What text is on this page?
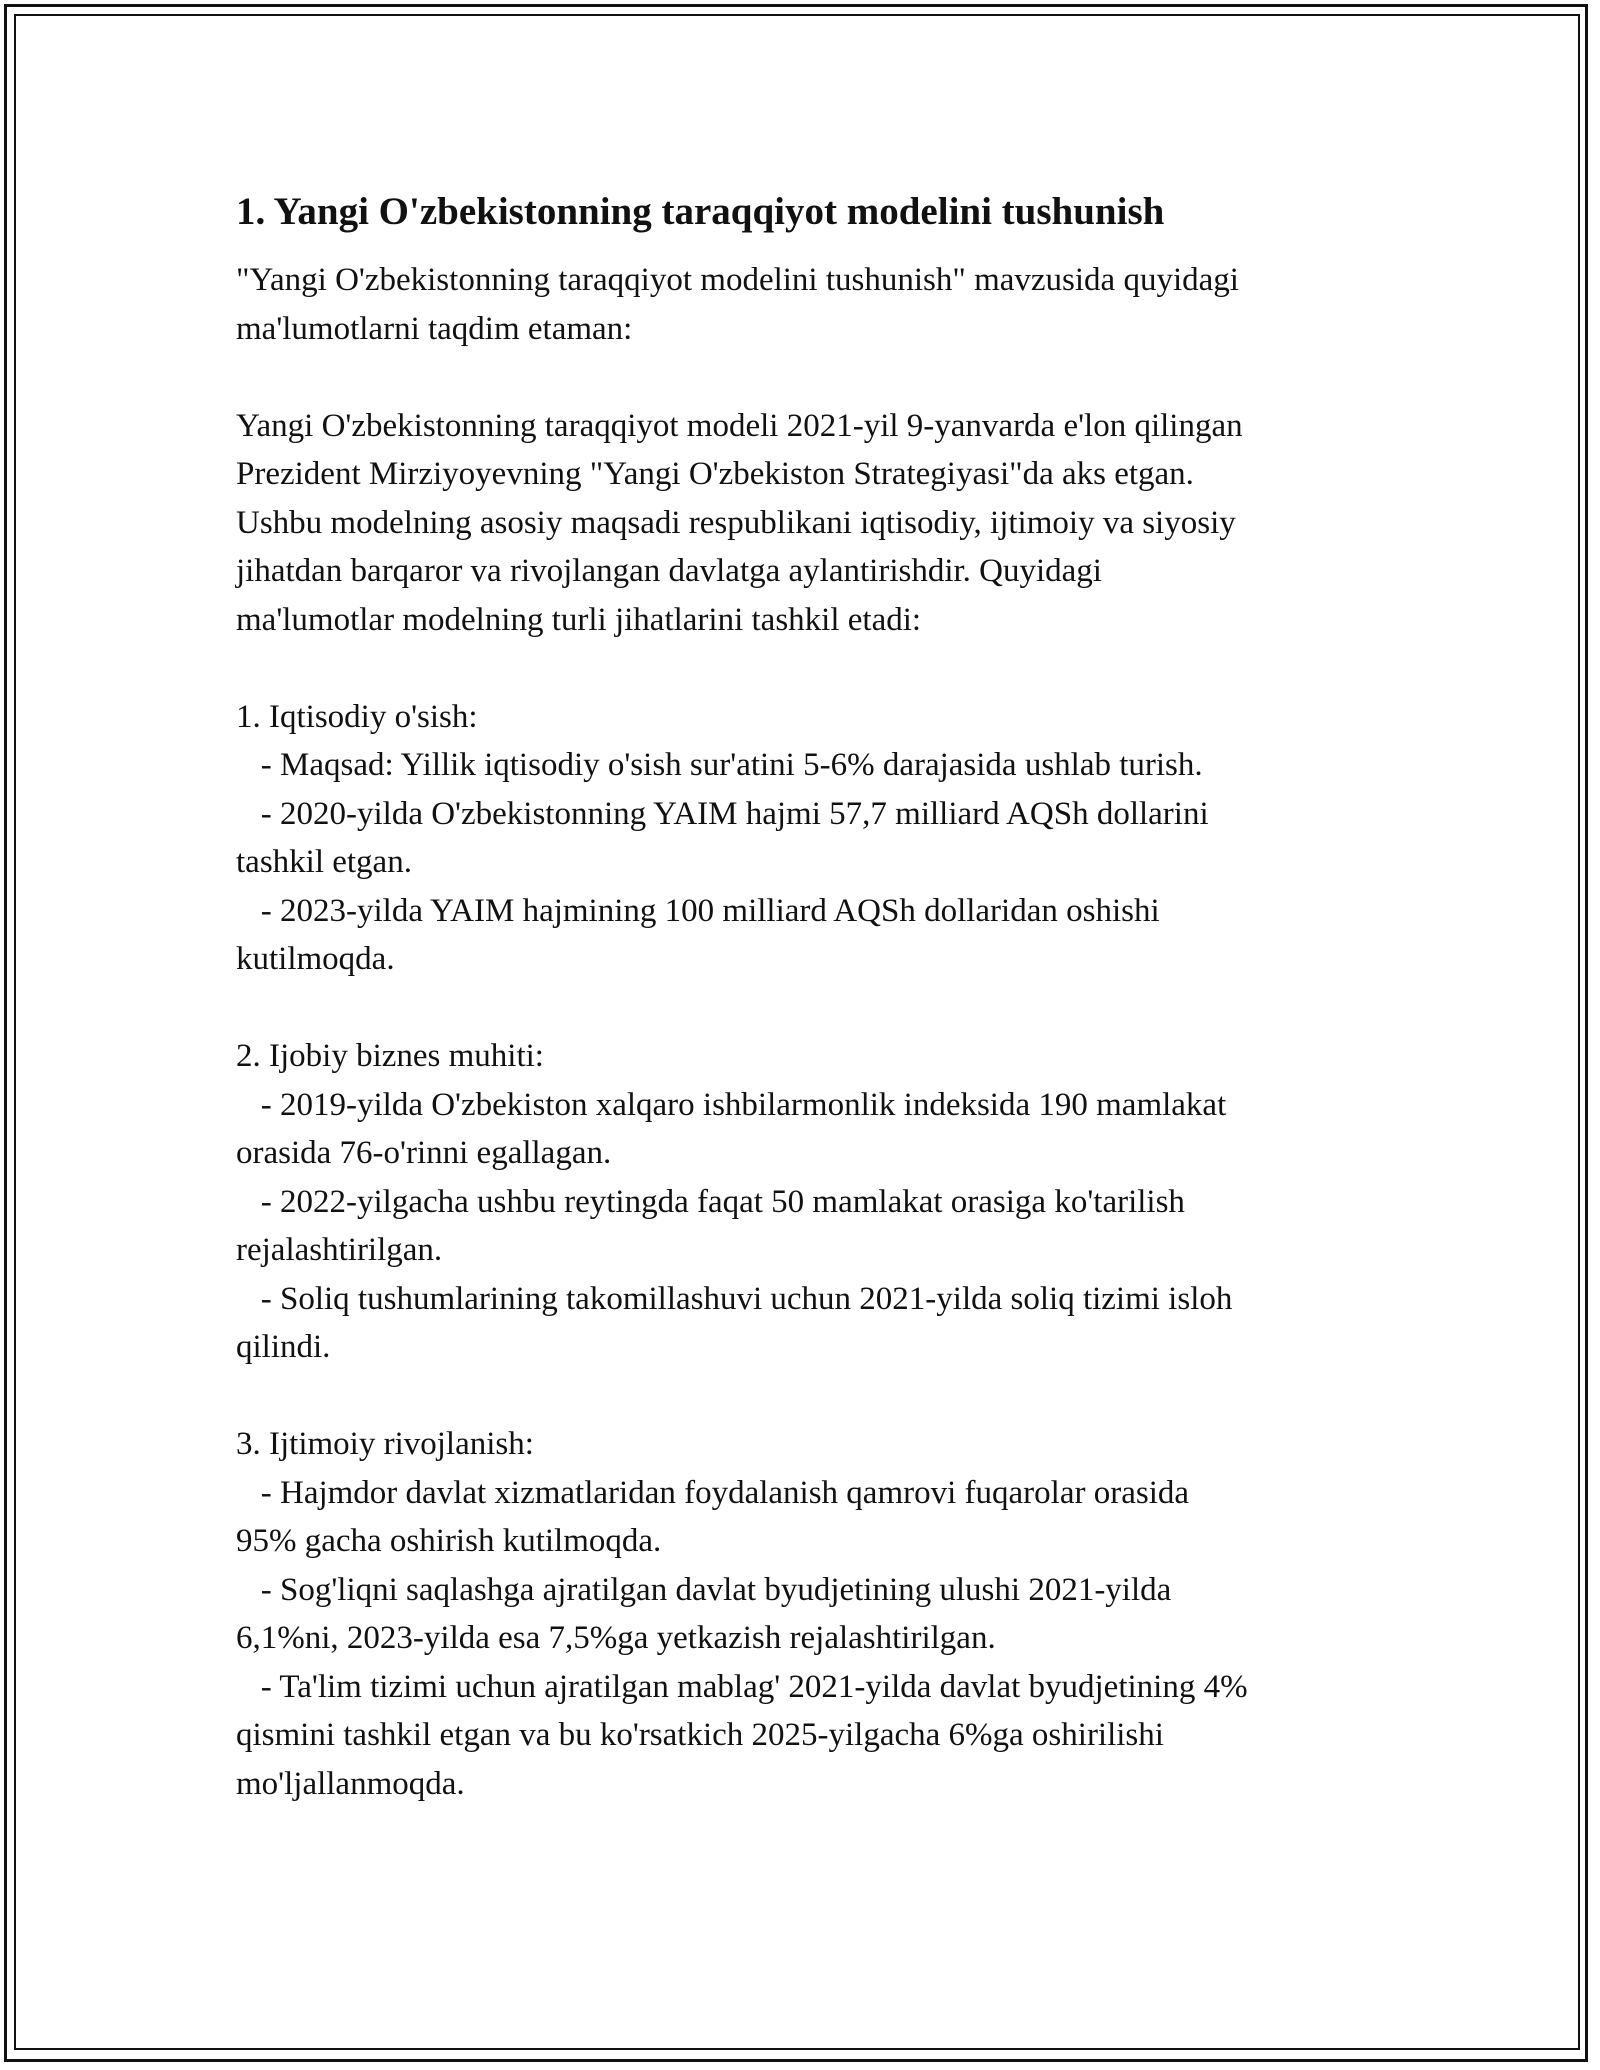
1. Yangi O'zbekistonning taraqqiyot modelini tushunish

"Yangi O'zbekistonning taraqqiyot modelini tushunish" mavzusida quyidagi
ma'lumotlarni taqdim etaman:

Yangi O'zbekistonning taraqqiyot modeli 2021-yil 9-yanvarda e'lon qilingan
Prezident Mirziyoyevning "Yangi O'zbekiston Strategiyasi"da aks etgan.
Ushbu modelning asosiy maqsadi respublikani iqtisodiy, ijtimoiy va siyosiy
jihatdan barqaror va rivojlangan davlatga aylantirishdir. Quyidagi
ma'lumotlar modelning turli jihatlarini tashkil etadi:

1. Iqtisodiy o'sish:

- Maqsad: Yillik iqtisodiy o'sish sur'atini 5-6% darajasida ushlab turish.

- 2020-yilda O'zbekistonning YAIM hajmi 57,7 milliard AQSh dollarini
tashkil etgan.

- 2023-yilda YAIM hajmining 100 milliard AQSh dollaridan oshishi
kutilmoqda.

2. Ijobiy biznes muhiti:

- 2019-yilda O'zbekiston xalqaro ishbilarmonlik indeksida 190 mamlakat
orasida 76-o'rinni egallagan.

- 2022-yilgacha ushbu reytingda faqat 50 mamlakat orasiga ko'tarilish
rejalashtirilgan.

- Soliq tushumlarining takomillashuvi uchun 2021-yilda soliq tizimi isloh
qilindi.

3. Ijtimoiy rivojlanish:

- Hajmdor davlat xizmatlaridan foydalanish qamrovi fuqarolar orasida
95% gacha oshirish kutilmoqda.

- Sog'liqni saqlashga ajratilgan davlat byudjetining ulushi 2021-yilda
6,1%ni, 2023-yilda esa 7,5%ga yetkazish rejalashtirilgan.

- Ta'lim tizimi uchun ajratilgan mablag' 2021-yilda davlat byudjetining 4%
qismini tashkil etgan va bu ko'rsatkich 2025-yilgacha 6%ga oshirilishi
mo'ljallanmoqda.
